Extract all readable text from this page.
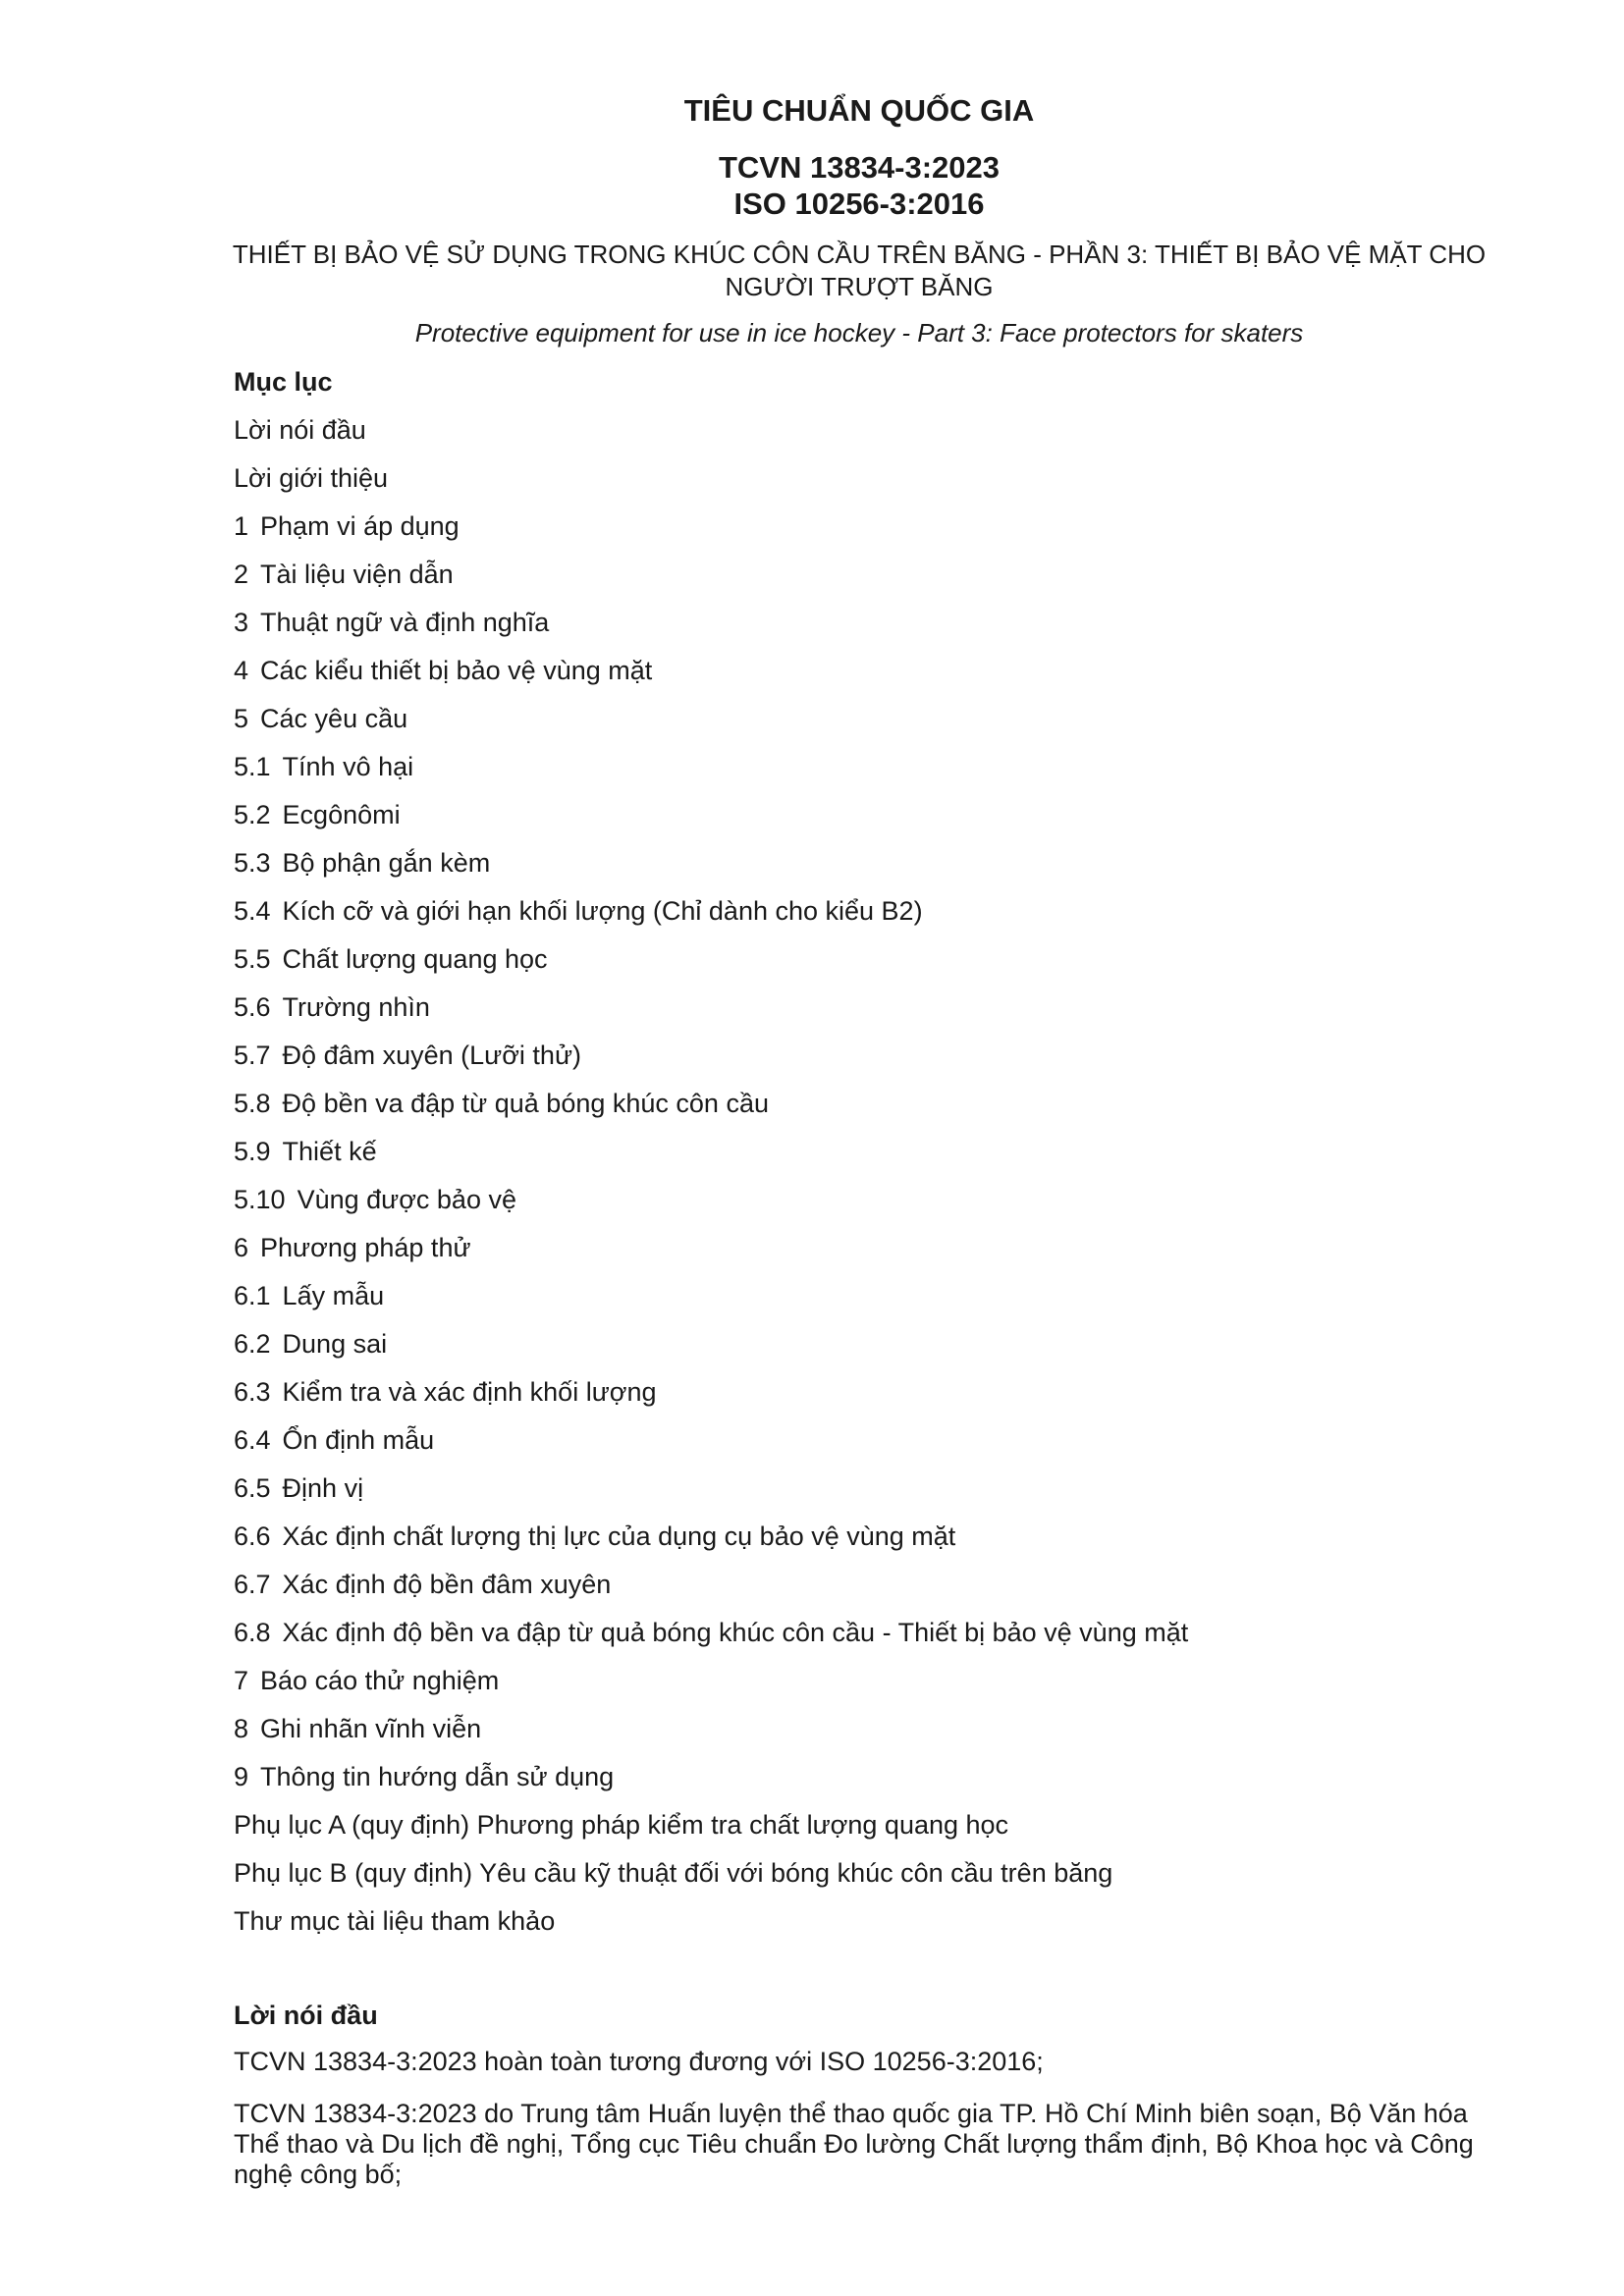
TIÊU CHUẨN QUỐC GIA
TCVN 13834-3:2023
ISO 10256-3:2016
THIẾT BỊ BẢO VỆ SỬ DỤNG TRONG KHÚC CÔN CẦU TRÊN BĂNG - PHẦN 3: THIẾT BỊ BẢO VỆ MẶT CHO NGƯỜI TRƯỢT BĂNG
Protective equipment for use in ice hockey - Part 3: Face protectors for skaters
Mục lục
Lời nói đầu
Lời giới thiệu
1 Phạm vi áp dụng
2 Tài liệu viện dẫn
3 Thuật ngữ và định nghĩa
4 Các kiểu thiết bị bảo vệ vùng mặt
5 Các yêu cầu
5.1 Tính vô hại
5.2 Ecgônômi
5.3 Bộ phận gắn kèm
5.4 Kích cỡ và giới hạn khối lượng (Chỉ dành cho kiểu B2)
5.5 Chất lượng quang học
5.6 Trường nhìn
5.7 Độ đâm xuyên (Lưỡi thử)
5.8 Độ bền va đập từ quả bóng khúc côn cầu
5.9 Thiết kế
5.10 Vùng được bảo vệ
6 Phương pháp thử
6.1 Lấy mẫu
6.2 Dung sai
6.3 Kiểm tra và xác định khối lượng
6.4 Ổn định mẫu
6.5 Định vị
6.6 Xác định chất lượng thị lực của dụng cụ bảo vệ vùng mặt
6.7 Xác định độ bền đâm xuyên
6.8 Xác định độ bền va đập từ quả bóng khúc côn cầu - Thiết bị bảo vệ vùng mặt
7 Báo cáo thử nghiệm
8 Ghi nhãn vĩnh viễn
9 Thông tin hướng dẫn sử dụng
Phụ lục A (quy định) Phương pháp kiểm tra chất lượng quang học
Phụ lục B (quy định) Yêu cầu kỹ thuật đối với bóng khúc côn cầu trên băng
Thư mục tài liệu tham khảo
Lời nói đầu

TCVN 13834-3:2023 hoàn toàn tương đương với ISO 10256-3:2016;

TCVN 13834-3:2023 do Trung tâm Huấn luyện thể thao quốc gia TP. Hồ Chí Minh biên soạn, Bộ Văn hóa Thể thao và Du lịch đề nghị, Tổng cục Tiêu chuẩn Đo lường Chất lượng thẩm định, Bộ Khoa học và Công nghệ công bố;
